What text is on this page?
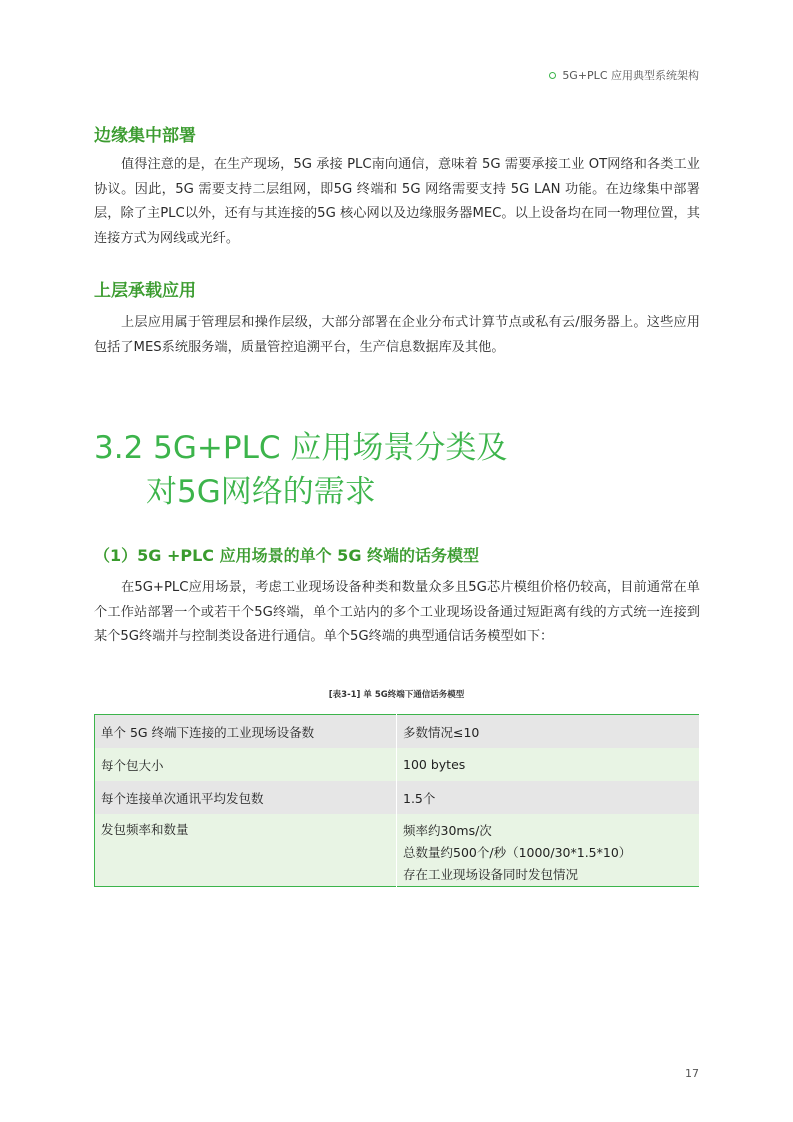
5G+PLC 应用典型系统架构
边缘集中部署

值得注意的是，在生产现场，5G 承接 PLC南向通信，意味着 5G 需要承接工业 OT网络和各类工业协议。因此，5G 需要支持二层组网，即5G 终端和 5G 网络需要支持 5G LAN 功能。在边缘集中部署层，除了主PLC以外，还有与其连接的5G 核心网以及边缘服务器MEC。以上设备均在同一物理位置，其连接方式为网线或光纤。

上层承载应用

上层应用属于管理层和操作层级，大部分部署在企业分布式计算节点或私有云/服务器上。这些应用包括了MES系统服务端，质量管控追溯平台，生产信息数据库及其他。

3.2 5G+PLC 应用场景分类及
对5G网络的需求
（1）5G +PLC 应用场景的单个 5G 终端的话务模型

在5G+PLC应用场景，考虑工业现场设备种类和数量众多且5G芯片模组价格仍较高，目前通常在单个工作站部署一个或若干个5G终端，单个工站内的多个工业现场设备通过短距离有线的方式统一连接到某个5G终端并与控制类设备进行通信。单个5G终端的典型通信话务模型如下：

[表3-1] 单 5G终端下通信话务模型
单个 5G 终端下连接的工业现场设备数	多数情况≤10
每个包大小	100 bytes
每个连接单次通讯平均发包数	1.5个
发包频率和数量	频率约30ms/次
总数量约500个/秒（1000/30*1.5*10）
存在工业现场设备同时发包情况
17
